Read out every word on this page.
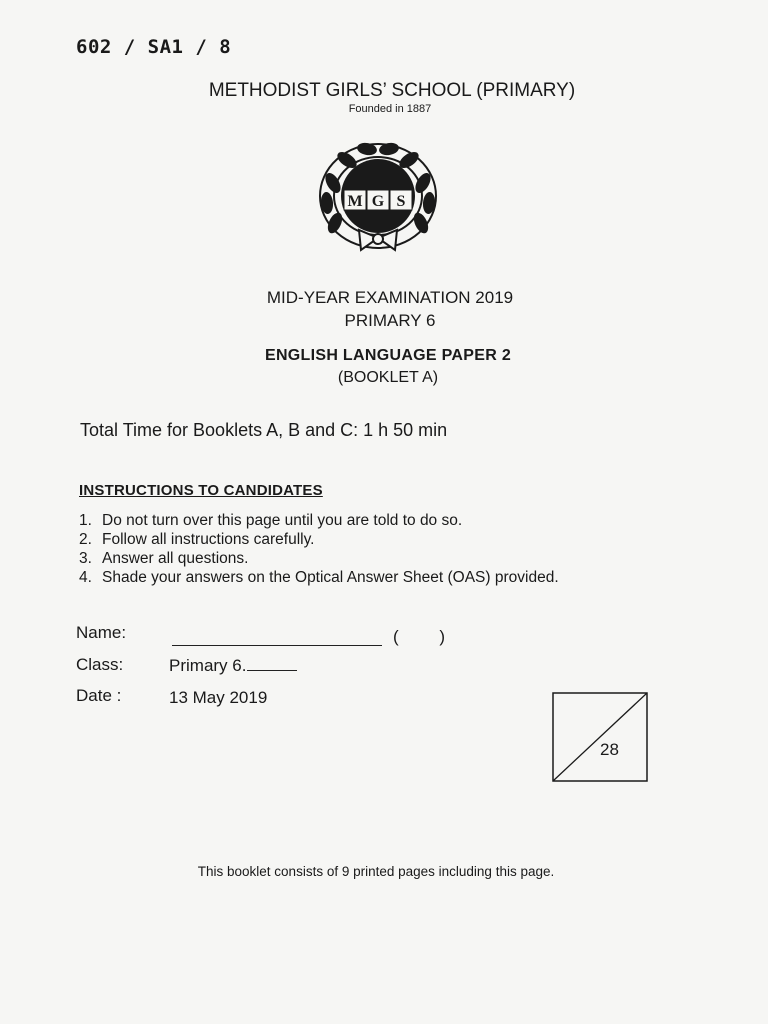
602 / SA1 / 8
METHODIST GIRLS’ SCHOOL (PRIMARY)
Founded in 1887
M G S
MID-YEAR EXAMINATION 2019
PRIMARY 6
ENGLISH LANGUAGE PAPER 2
(BOOKLET A)
Total Time for Booklets A, B and C: 1 h 50 min
INSTRUCTIONS TO CANDIDATES
1. Do not turn over this page until you are told to do so.
2. Follow all instructions carefully.
3. Answer all questions.
4. Shade your answers on the Optical Answer Sheet (OAS) provided.
Name:	( )
Class:	Primary 6.
Date :	13 May 2019
28
This booklet consists of 9 printed pages including this page.
